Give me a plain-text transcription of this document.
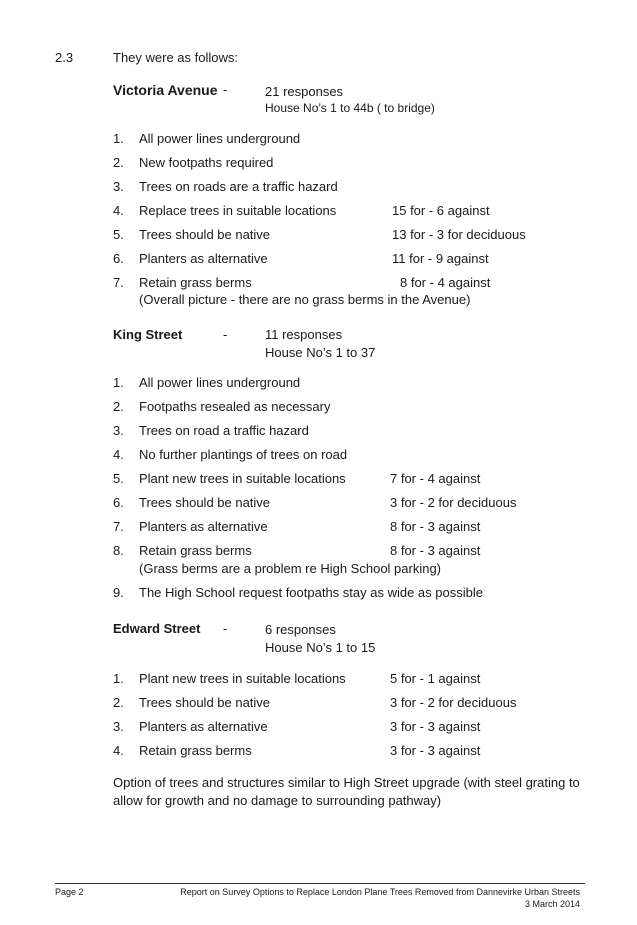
2.3	They were as follows:
Victoria Avenue -	21 responses
House No’s 1 to 44b ( to bridge)
1. All power lines underground
2. New footpaths required
3. Trees on roads are a traffic hazard
4. Replace trees in suitable locations	15 for - 6 against
5. Trees should be native	13 for - 3 for deciduous
6. Planters as alternative	11 for - 9 against
7. Retain grass berms	8 for - 4 against
(Overall picture - there are no grass berms in the Avenue)
King Street	-	11 responses
House No’s 1 to 37
1. All power lines underground
2. Footpaths resealed as necessary
3. Trees on road a traffic hazard
4. No further plantings of trees on road
5. Plant new trees in suitable locations	7 for - 4 against
6. Trees should be native	3 for - 2 for deciduous
7. Planters as alternative	8 for - 3 against
8. Retain grass berms	8 for - 3 against
(Grass berms are a problem re High School parking)
9. The High School request footpaths stay as wide as possible
Edward Street -	6 responses
House No’s 1 to 15
1. Plant new trees in suitable locations	5 for - 1 against
2. Trees should be native	3 for - 2 for deciduous
3. Planters as alternative	3 for - 3 against
4. Retain grass berms	3 for - 3 against
Option of trees and structures similar to High Street upgrade (with steel grating to allow for growth and no damage to surrounding pathway)
Page 2	Report on Survey Options to Replace London Plane Trees Removed from Dannevirke Urban Streets
3 March 2014
